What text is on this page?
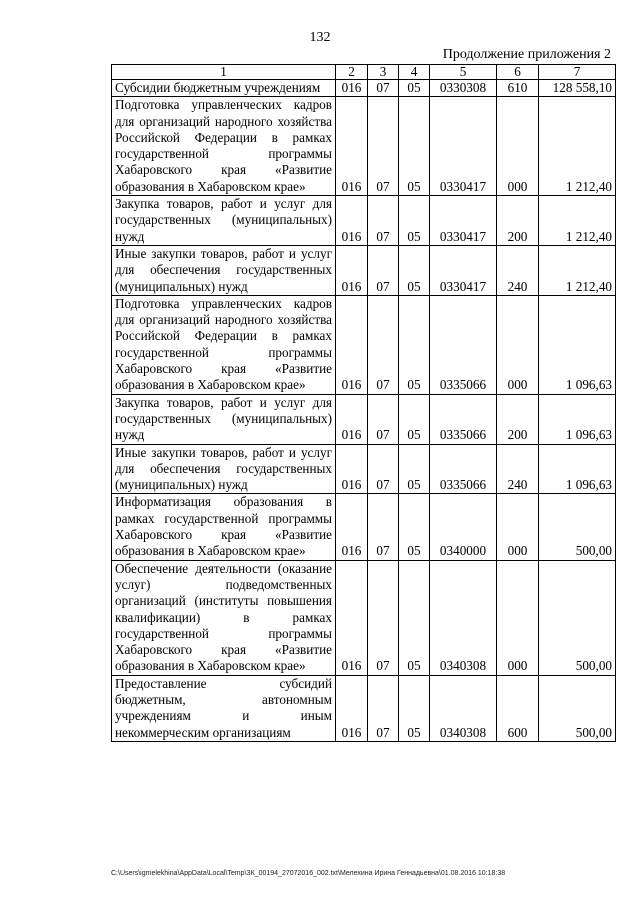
132
Продолжение приложения 2
1	2	3	4	5	6	7
Субсидии бюджетным учреждениям	016	07	05	0330308	610	128 558,10
Подготовка управленческих кадров для организаций народного хозяйства Российской Федерации в рамках государственной программы Хабаровского края «Развитие образования в Хабаровском крае»	016	07	05	0330417	000	1 212,40
Закупка товаров, работ и услуг для государственных (муниципальных) нужд	016	07	05	0330417	200	1 212,40
Иные закупки товаров, работ и услуг для обеспечения государственных (муниципальных) нужд	016	07	05	0330417	240	1 212,40
Подготовка управленческих кадров для организаций народного хозяйства Российской Федерации в рамках государственной программы Хабаровского края «Развитие образования в Хабаровском крае»	016	07	05	0335066	000	1 096,63
Закупка товаров, работ и услуг для государственных (муниципальных) нужд	016	07	05	0335066	200	1 096,63
Иные закупки товаров, работ и услуг для обеспечения государственных (муниципальных) нужд	016	07	05	0335066	240	1 096,63
Информатизация образования в рамках государственной программы Хабаровского края «Развитие образования в Хабаровском крае»	016	07	05	0340000	000	500,00
Обеспечение деятельности (оказание услуг) подведомственных организаций (институты повышения квалификации) в рамках государственной программы Хабаровского края «Развитие образования в Хабаровском крае»	016	07	05	0340308	000	500,00
Предоставление субсидий бюджетным, автономным учреждениям и иным некоммерческим организациям	016	07	05	0340308	600	500,00
C:\Users\igmelekhina\AppData\Local\Temp\ЗК_00194_27072016_002.txt\Мелехина Ирина Геннадьевна\01.08.2016 10:18:38
